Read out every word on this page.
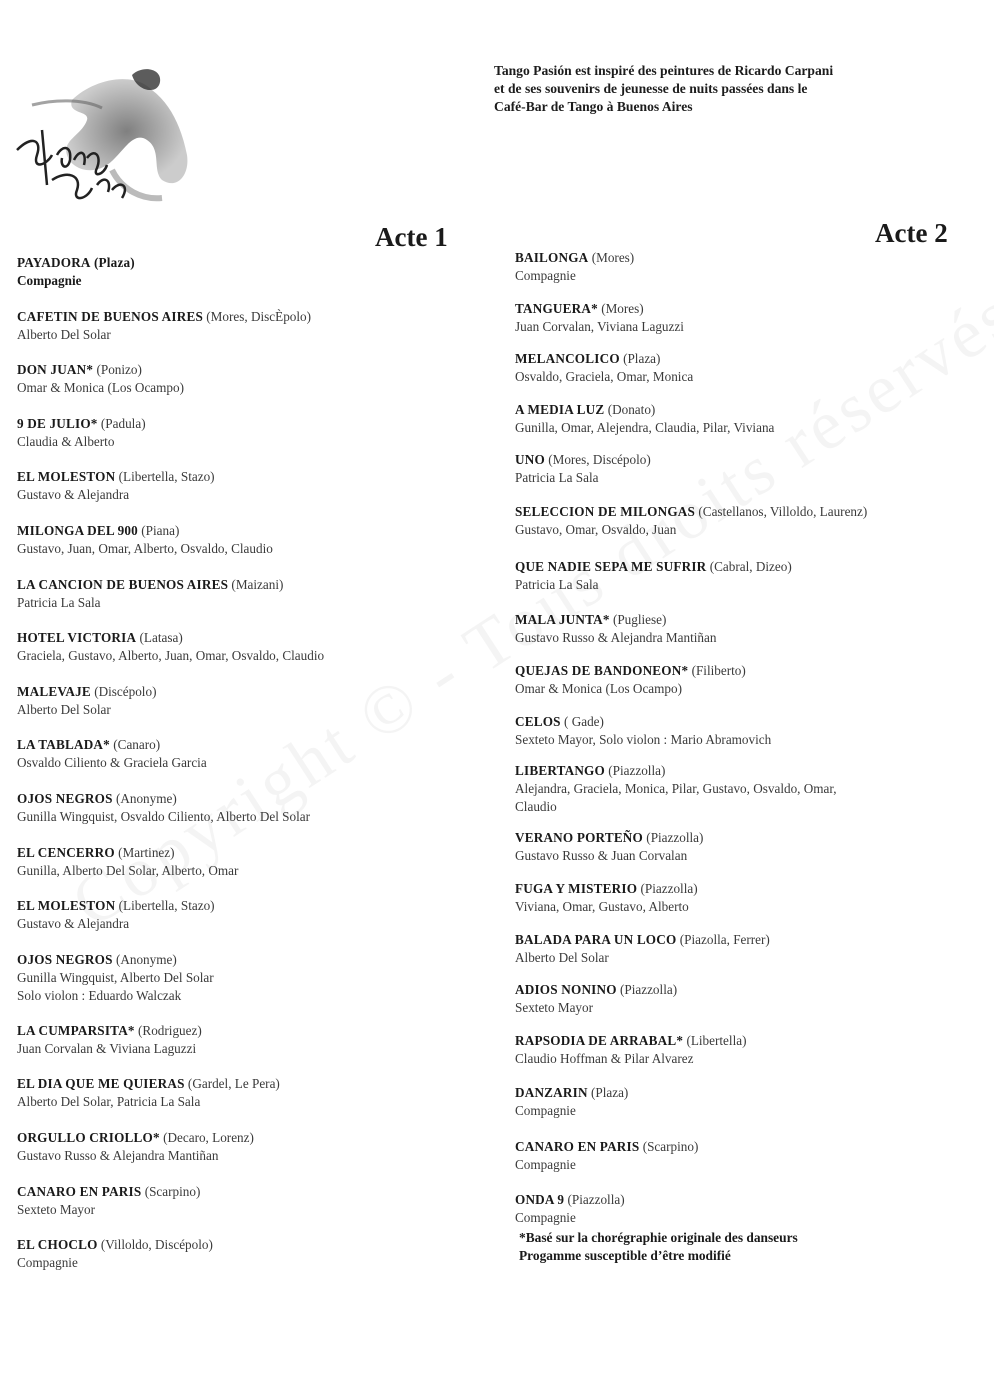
Tango Pasión est inspiré des peintures de Ricardo Carpani
et de ses souvenirs de jeunesse de nuits passées dans le
Café-Bar de Tango à Buenos Aires
Acte 1	Acte 2
PAYADORA (Plaza)
Compagnie
CAFETIN DE BUENOS AIRES (Mores, DiscÈpolo)
Alberto Del Solar
DON JUAN* (Ponizo)
Omar & Monica (Los Ocampo)
9 DE JULIO* (Padula)
Claudia & Alberto
EL MOLESTON (Libertella, Stazo)
Gustavo & Alejandra
MILONGA DEL 900 (Piana)
Gustavo, Juan, Omar, Alberto, Osvaldo, Claudio
LA CANCION DE BUENOS AIRES (Maizani)
Patricia La Sala
HOTEL VICTORIA (Latasa)
Graciela, Gustavo, Alberto, Juan, Omar, Osvaldo, Claudio
MALEVAJE (Discépolo)
Alberto Del Solar
LA TABLADA* (Canaro)
Osvaldo Ciliento & Graciela Garcia
OJOS NEGROS (Anonyme)
Gunilla Wingquist, Osvaldo Ciliento, Alberto Del Solar
EL CENCERRO (Martinez)
Gunilla, Alberto Del Solar, Alberto, Omar
EL MOLESTON (Libertella, Stazo)
Gustavo & Alejandra
OJOS NEGROS (Anonyme)
Gunilla Wingquist, Alberto Del Solar
Solo violon : Eduardo Walczak
LA CUMPARSITA* (Rodriguez)
Juan Corvalan & Viviana Laguzzi
EL DIA QUE ME QUIERAS (Gardel, Le Pera)
Alberto Del Solar, Patricia La Sala
ORGULLO CRIOLLO* (Decaro, Lorenz)
Gustavo Russo & Alejandra Mantiñan
CANARO EN PARIS (Scarpino)
Sexteto Mayor
EL CHOCLO (Villoldo, Discépolo)
Compagnie
BAILONGA (Mores)
Compagnie
TANGUERA* (Mores)
Juan Corvalan, Viviana Laguzzi
MELANCOLICO (Plaza)
Osvaldo, Graciela, Omar, Monica
A MEDIA LUZ (Donato)
Gunilla, Omar, Alejendra, Claudia, Pilar, Viviana
UNO (Mores, Discépolo)
Patricia La Sala
SELECCION DE MILONGAS (Castellanos, Villoldo, Laurenz)
Gustavo, Omar, Osvaldo, Juan
QUE NADIE SEPA ME SUFRIR (Cabral, Dizeo)
Patricia La Sala
MALA JUNTA* (Pugliese)
Gustavo Russo & Alejandra Mantiñan
QUEJAS DE BANDONEON* (Filiberto)
Omar & Monica (Los Ocampo)
CELOS ( Gade)
Sexteto Mayor, Solo violon : Mario Abramovich
LIBERTANGO (Piazzolla)
Alejandra, Graciela, Monica, Pilar, Gustavo, Osvaldo, Omar,
Claudio
VERANO PORTEÑO (Piazzolla)
Gustavo Russo & Juan Corvalan
FUGA Y MISTERIO (Piazzolla)
Viviana, Omar, Gustavo, Alberto
BALADA PARA UN LOCO (Piazolla, Ferrer)
Alberto Del Solar
ADIOS NONINO (Piazzolla)
Sexteto Mayor
RAPSODIA DE ARRABAL* (Libertella)
Claudio Hoffman & Pilar Alvarez
DANZARIN (Plaza)
Compagnie
CANARO EN PARIS (Scarpino)
Compagnie
ONDA 9 (Piazzolla)
Compagnie
*Basé sur la chorégraphie originale des danseurs
Progamme susceptible d’être modifié
